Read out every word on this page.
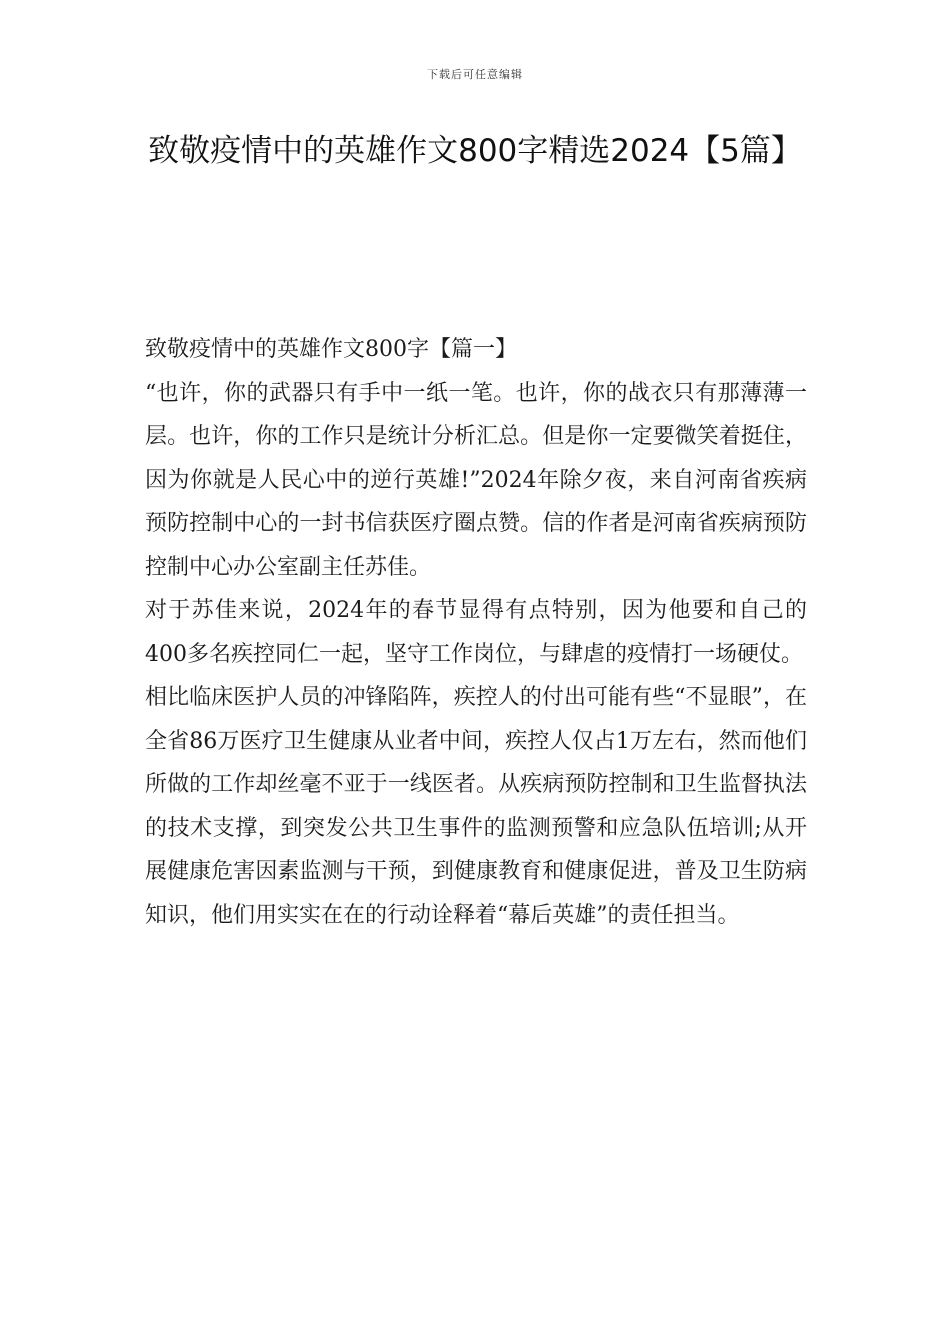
下载后可任意编辑
致敬疫情中的英雄作文800字精选2024【5篇】

致敬疫情中的英雄作文800字【篇一】

“也许，你的武器只有手中一纸一笔。也许，你的战衣只有那薄薄一层。也许，你的工作只是统计分析汇总。但是你一定要微笑着挺住，因为你就是人民心中的逆行英雄!”2024年除夕夜，来自河南省疾病预防控制中心的一封书信获医疗圈点赞。信的作者是河南省疾病预防控制中心办公室副主任苏佳。

对于苏佳来说，2024年的春节显得有点特别，因为他要和自己的400多名疾控同仁一起，坚守工作岗位，与肆虐的疫情打一场硬仗。

相比临床医护人员的冲锋陷阵，疾控人的付出可能有些“不显眼”，在全省86万医疗卫生健康从业者中间，疾控人仅占1万左右，然而他们所做的工作却丝毫不亚于一线医者。从疾病预防控制和卫生监督执法的技术支撑，到突发公共卫生事件的监测预警和应急队伍培训;从开展健康危害因素监测与干预，到健康教育和健康促进，普及卫生防病知识，他们用实实在在的行动诠释着“幕后英雄”的责任担当。
